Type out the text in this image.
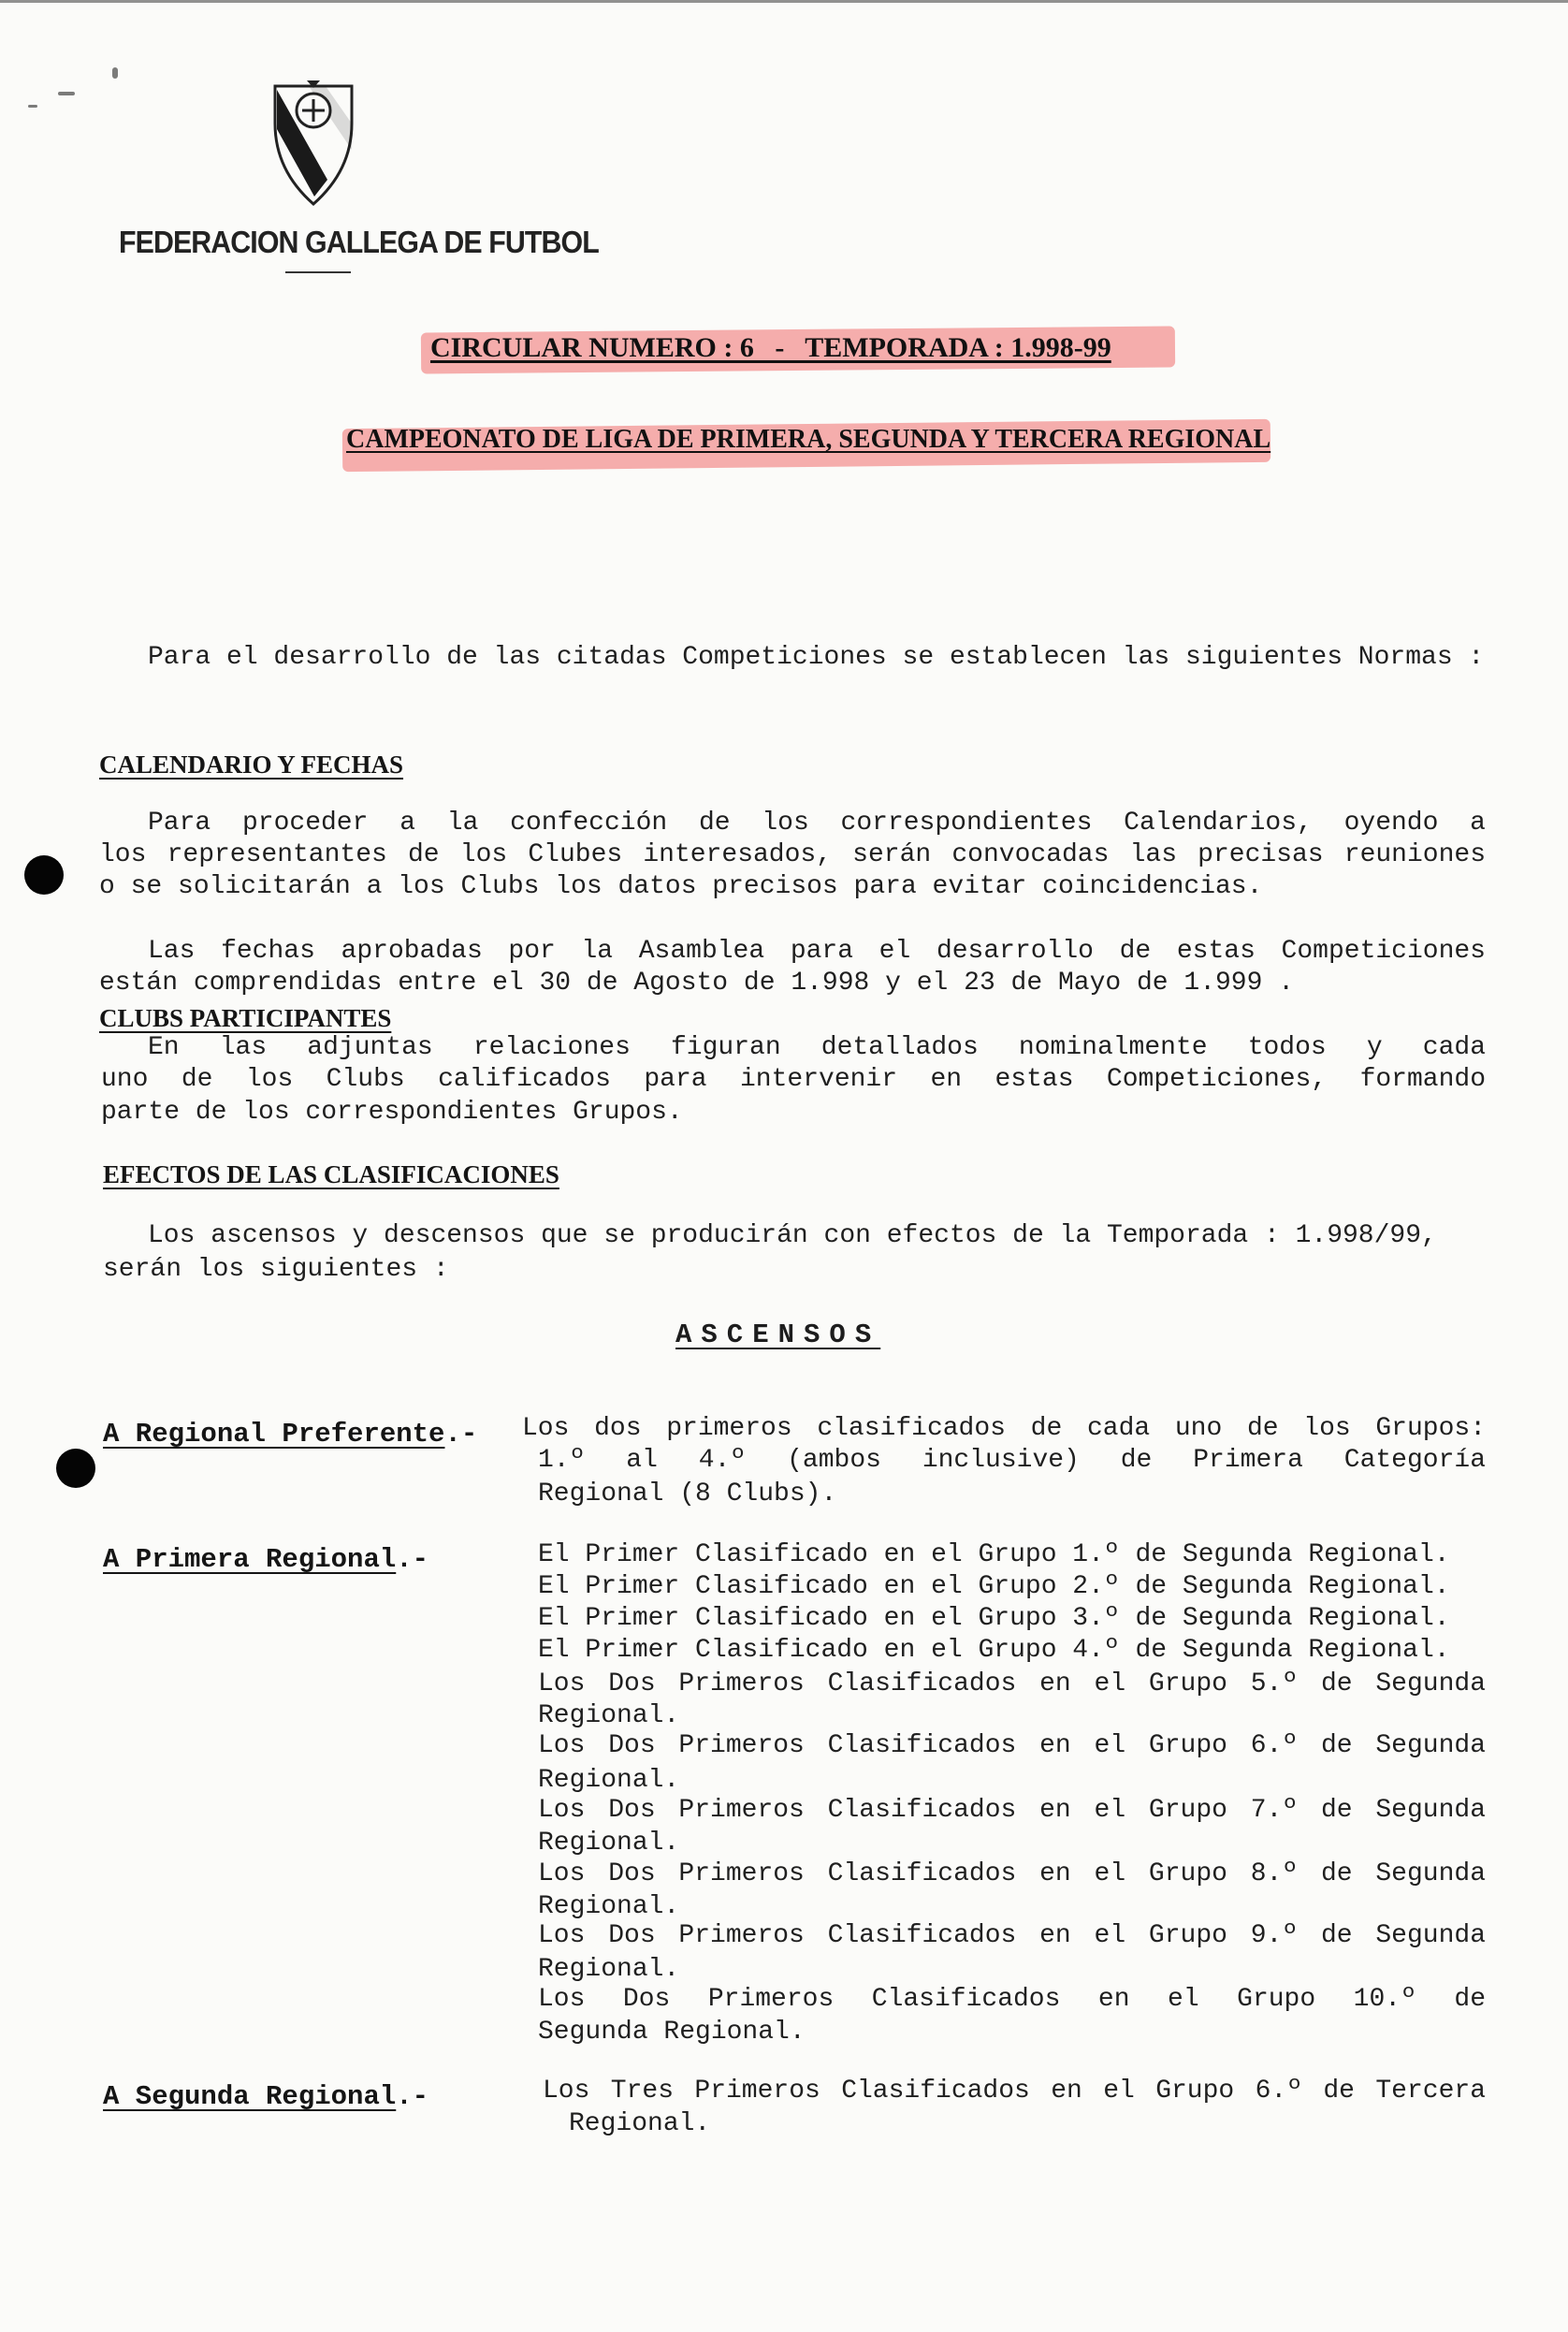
FEDERACION GALLEGA DE FUTBOL
CIRCULAR NUMERO : 6   -   TEMPORADA : 1.998-99
CAMPEONATO DE LIGA DE PRIMERA, SEGUNDA Y TERCERA REGIONAL
Para el desarrollo de las citadas Competiciones se establecen las siguientes Normas :
CALENDARIO Y FECHAS
Para proceder a la confección de los correspondientes Calendarios, oyendo a
los representantes de los Clubes interesados, serán convocadas las precisas reuniones
o se solicitarán a los Clubs los datos precisos para evitar coincidencias.
Las fechas aprobadas por la Asamblea para el desarrollo de estas Competiciones
están comprendidas entre el 30 de Agosto de 1.998 y el 23 de Mayo de 1.999 .
CLUBS PARTICIPANTES
En las adjuntas relaciones figuran detallados nominalmente todos y cada
uno de los Clubs calificados para intervenir en estas Competiciones, formando
parte de los correspondientes Grupos.
EFECTOS DE LAS CLASIFICACIONES
Los ascensos y descensos que se producirán con efectos de la Temporada : 1.998/99,
serán los siguientes :
ASCENSOS
A Regional Preferente.- Los dos primeros clasificados de cada uno de los Grupos:
1.º al 4.º (ambos inclusive) de Primera Categoría
Regional (8 Clubs).
A Primera Regional.-	El Primer Clasificado en el Grupo 1.º de Segunda Regional.
El Primer Clasificado en el Grupo 2.º de Segunda Regional.
El Primer Clasificado en el Grupo 3.º de Segunda Regional.
El Primer Clasificado en el Grupo 4.º de Segunda Regional.
Los Dos Primeros Clasificados en el Grupo 5.º de Segunda
Regional.
Los Dos Primeros Clasificados en el Grupo 6.º de Segunda
Regional.
Los Dos Primeros Clasificados en el Grupo 7.º de Segunda
Regional.
Los Dos Primeros Clasificados en el Grupo 8.º de Segunda
Regional.
Los Dos Primeros Clasificados en el Grupo 9.º de Segunda
Regional.
Los Dos Primeros Clasificados en el Grupo 10.º de
Segunda Regional.
A Segunda Regional.-	Los Tres Primeros Clasificados en el Grupo 6.º de Tercera
Regional.
